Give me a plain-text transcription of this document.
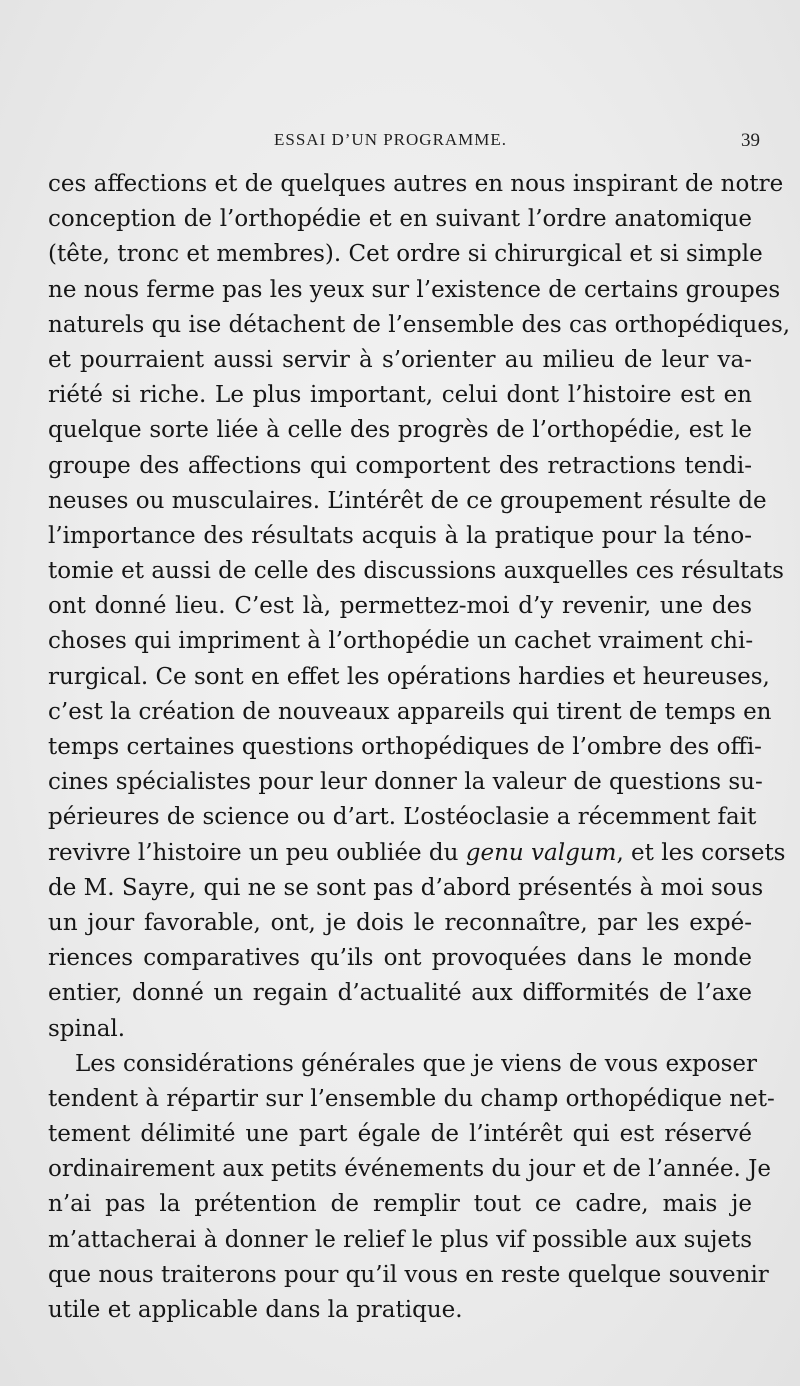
ESSAI D’UN PROGRAMME.	39

ces affections et de quelques autres en nous inspirant de notre
conception de l’orthopédie et en suivant l’ordre anatomique
(tête, tronc et membres). Cet ordre si chirurgical et si simple
ne nous ferme pas les yeux sur l’existence de certains groupes
naturels qu ise détachent de l’ensemble des cas orthopédiques,
et pourraient aussi servir à s’orienter au milieu de leur va-
riété si riche. Le plus important, celui dont l’histoire est en
quelque sorte liée à celle des progrès de l’orthopédie, est le
groupe des affections qui comportent des retractions tendi-
neuses ou musculaires. L’intérêt de ce groupement résulte de
l’importance des résultats acquis à la pratique pour la téno-
tomie et aussi de celle des discussions auxquelles ces résultats
ont donné lieu. C’est là, permettez-moi d’y revenir, une des
choses qui impriment à l’orthopédie un cachet vraiment chi-
rurgical. Ce sont en effet les opérations hardies et heureuses,
c’est la création de nouveaux appareils qui tirent de temps en
temps certaines questions orthopédiques de l’ombre des offi-
cines spécialistes pour leur donner la valeur de questions su-
périeures de science ou d’art. L’ostéoclasie a récemment fait
revivre l’histoire un peu oubliée du genu valgum, et les corsets
de M. Sayre, qui ne se sont pas d’abord présentés à moi sous
un jour favorable, ont, je dois le reconnaître, par les expé-
riences comparatives qu’ils ont provoquées dans le monde
entier, donné un regain d’actualité aux difformités de l’axe
spinal.

Les considérations générales que je viens de vous exposer
tendent à répartir sur l’ensemble du champ orthopédique net-
tement délimité une part égale de l’intérêt qui est réservé
ordinairement aux petits événements du jour et de l’année. Je
n’ai pas la prétention de remplir tout ce cadre, mais je
m’attacherai à donner le relief le plus vif possible aux sujets
que nous traiterons pour qu’il vous en reste quelque souvenir
utile et applicable dans la pratique.
